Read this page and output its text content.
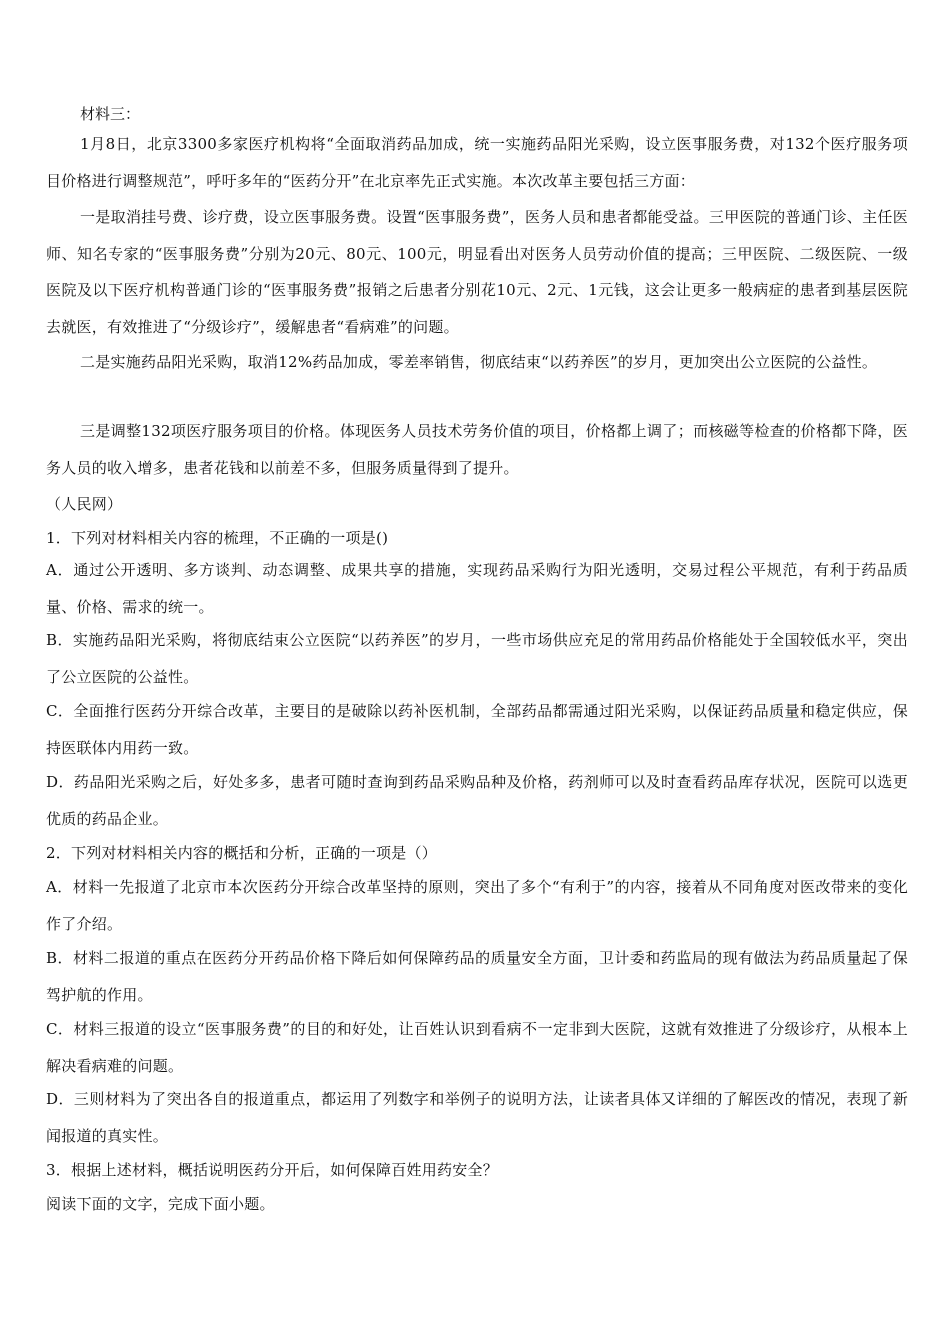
材料三：

1月8日，北京3300多家医疗机构将“全面取消药品加成，统一实施药品阳光采购，设立医事服务费，对132个医疗服务项目价格进行调整规范”，呼吁多年的“医药分开”在北京率先正式实施。本次改革主要包括三方面：

一是取消挂号费、诊疗费，设立医事服务费。设置“医事服务费”，医务人员和患者都能受益。三甲医院的普通门诊、主任医师、知名专家的“医事服务费”分别为20元、80元、100元，明显看出对医务人员劳动价值的提高；三甲医院、二级医院、一级医院及以下医疗机构普通门诊的“医事服务费”报销之后患者分别花10元、2元、1元钱，这会让更多一般病症的患者到基层医院去就医，有效推进了“分级诊疗”，缓解患者“看病难”的问题。

二是实施药品阳光采购，取消12%药品加成，零差率销售，彻底结束“以药养医”的岁月，更加突出公立医院的公益性。

三是调整132项医疗服务项目的价格。体现医务人员技术劳务价值的项目，价格都上调了；而核磁等检查的价格都下降，医务人员的收入增多，患者花钱和以前差不多，但服务质量得到了提升。

（人民网）

1．下列对材料相关内容的梳理，不正确的一项是()

A．通过公开透明、多方谈判、动态调整、成果共享的措施，实现药品采购行为阳光透明，交易过程公平规范，有利于药品质量、价格、需求的统一。

B．实施药品阳光采购，将彻底结束公立医院“以药养医”的岁月，一些市场供应充足的常用药品价格能处于全国较低水平，突出了公立医院的公益性。

C．全面推行医药分开综合改革，主要目的是破除以药补医机制，全部药品都需通过阳光采购，以保证药品质量和稳定供应，保持医联体内用药一致。

D．药品阳光采购之后，好处多多，患者可随时查询到药品采购品种及价格，药剂师可以及时查看药品库存状况，医院可以选更优质的药品企业。

2．下列对材料相关内容的概括和分析，正确的一项是（）

A．材料一先报道了北京市本次医药分开综合改革坚持的原则，突出了多个“有利于”的内容，接着从不同角度对医改带来的变化作了介绍。

B．材料二报道的重点在医药分开药品价格下降后如何保障药品的质量安全方面，卫计委和药监局的现有做法为药品质量起了保驾护航的作用。

C．材料三报道的设立“医事服务费”的目的和好处，让百姓认识到看病不一定非到大医院，这就有效推进了分级诊疗，从根本上解决看病难的问题。

D．三则材料为了突出各自的报道重点，都运用了列数字和举例子的说明方法，让读者具体又详细的了解医改的情况，表现了新闻报道的真实性。

3．根据上述材料，概括说明医药分开后，如何保障百姓用药安全？

阅读下面的文字，完成下面小题。
